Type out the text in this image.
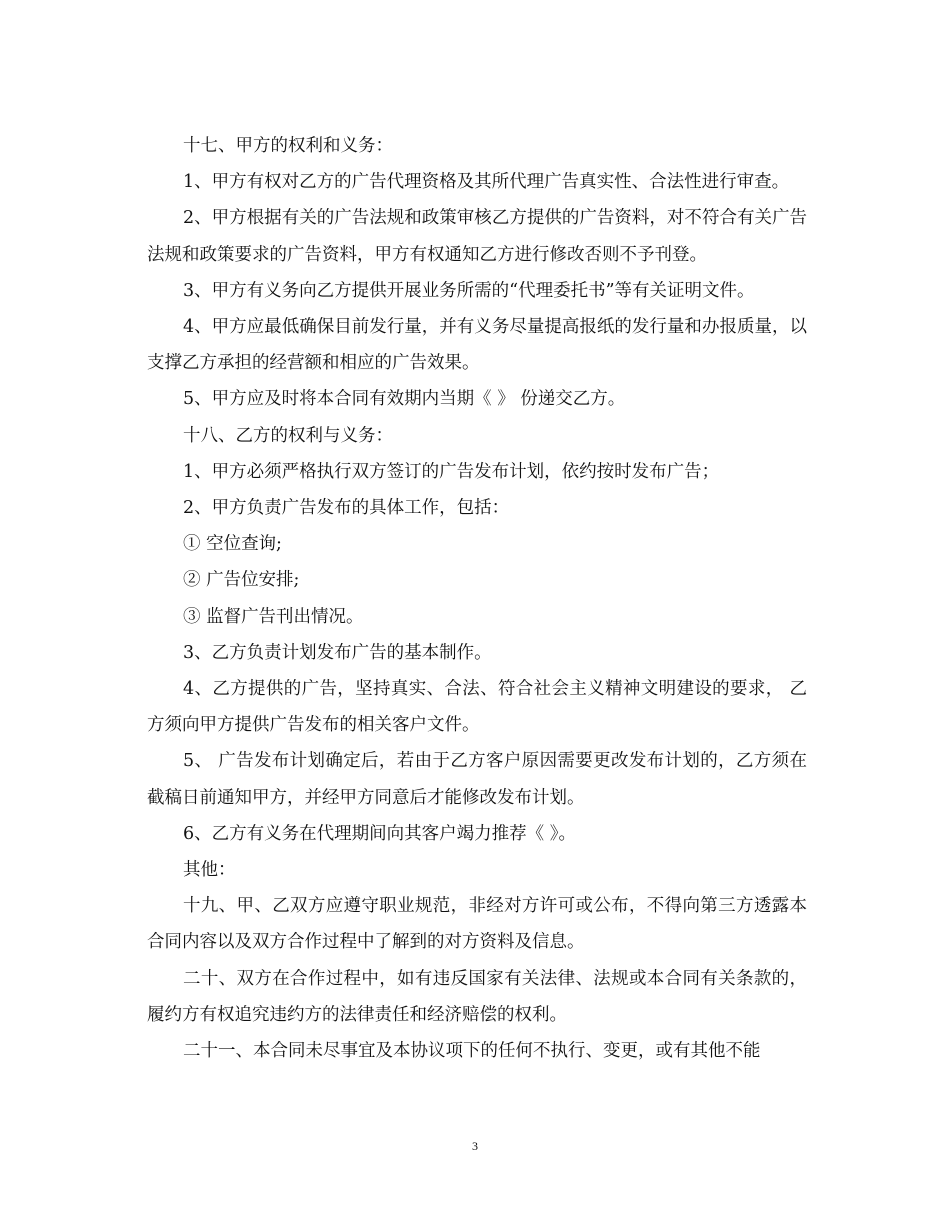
十七、甲方的权利和义务：

1、甲方有权对乙方的广告代理资格及其所代理广告真实性、合法性进行审查。

2、甲方根据有关的广告法规和政策审核乙方提供的广告资料，对不符合有关广告法规和政策要求的广告资料，甲方有权通知乙方进行修改否则不予刊登。

3、甲方有义务向乙方提供开展业务所需的“代理委托书”等有关证明文件。

4、甲方应最低确保目前发行量，并有义务尽量提高报纸的发行量和办报质量，以支撑乙方承担的经营额和相应的广告效果。

5、甲方应及时将本合同有效期内当期《 》 份递交乙方。

十八、乙方的权利与义务：

1、甲方必须严格执行双方签订的广告发布计划，依约按时发布广告；

2、甲方负责广告发布的具体工作，包括：

① 空位查询;

② 广告位安排;

③ 监督广告刊出情况。

3、乙方负责计划发布广告的基本制作。

4、乙方提供的广告，坚持真实、合法、符合社会主义精神文明建设的要求， 乙方须向甲方提供广告发布的相关客户文件。

5、 广告发布计划确定后，若由于乙方客户原因需要更改发布计划的，乙方须在截稿日前通知甲方，并经甲方同意后才能修改发布计划。

6、乙方有义务在代理期间向其客户竭力推荐《 》。

其他：

十九、甲、乙双方应遵守职业规范，非经对方许可或公布，不得向第三方透露本合同内容以及双方合作过程中了解到的对方资料及信息。

二十、双方在合作过程中，如有违反国家有关法律、法规或本合同有关条款的，履约方有权追究违约方的法律责任和经济赔偿的权利。

二十一、本合同未尽事宜及本协议项下的任何不执行、变更，或有其他不能

3
